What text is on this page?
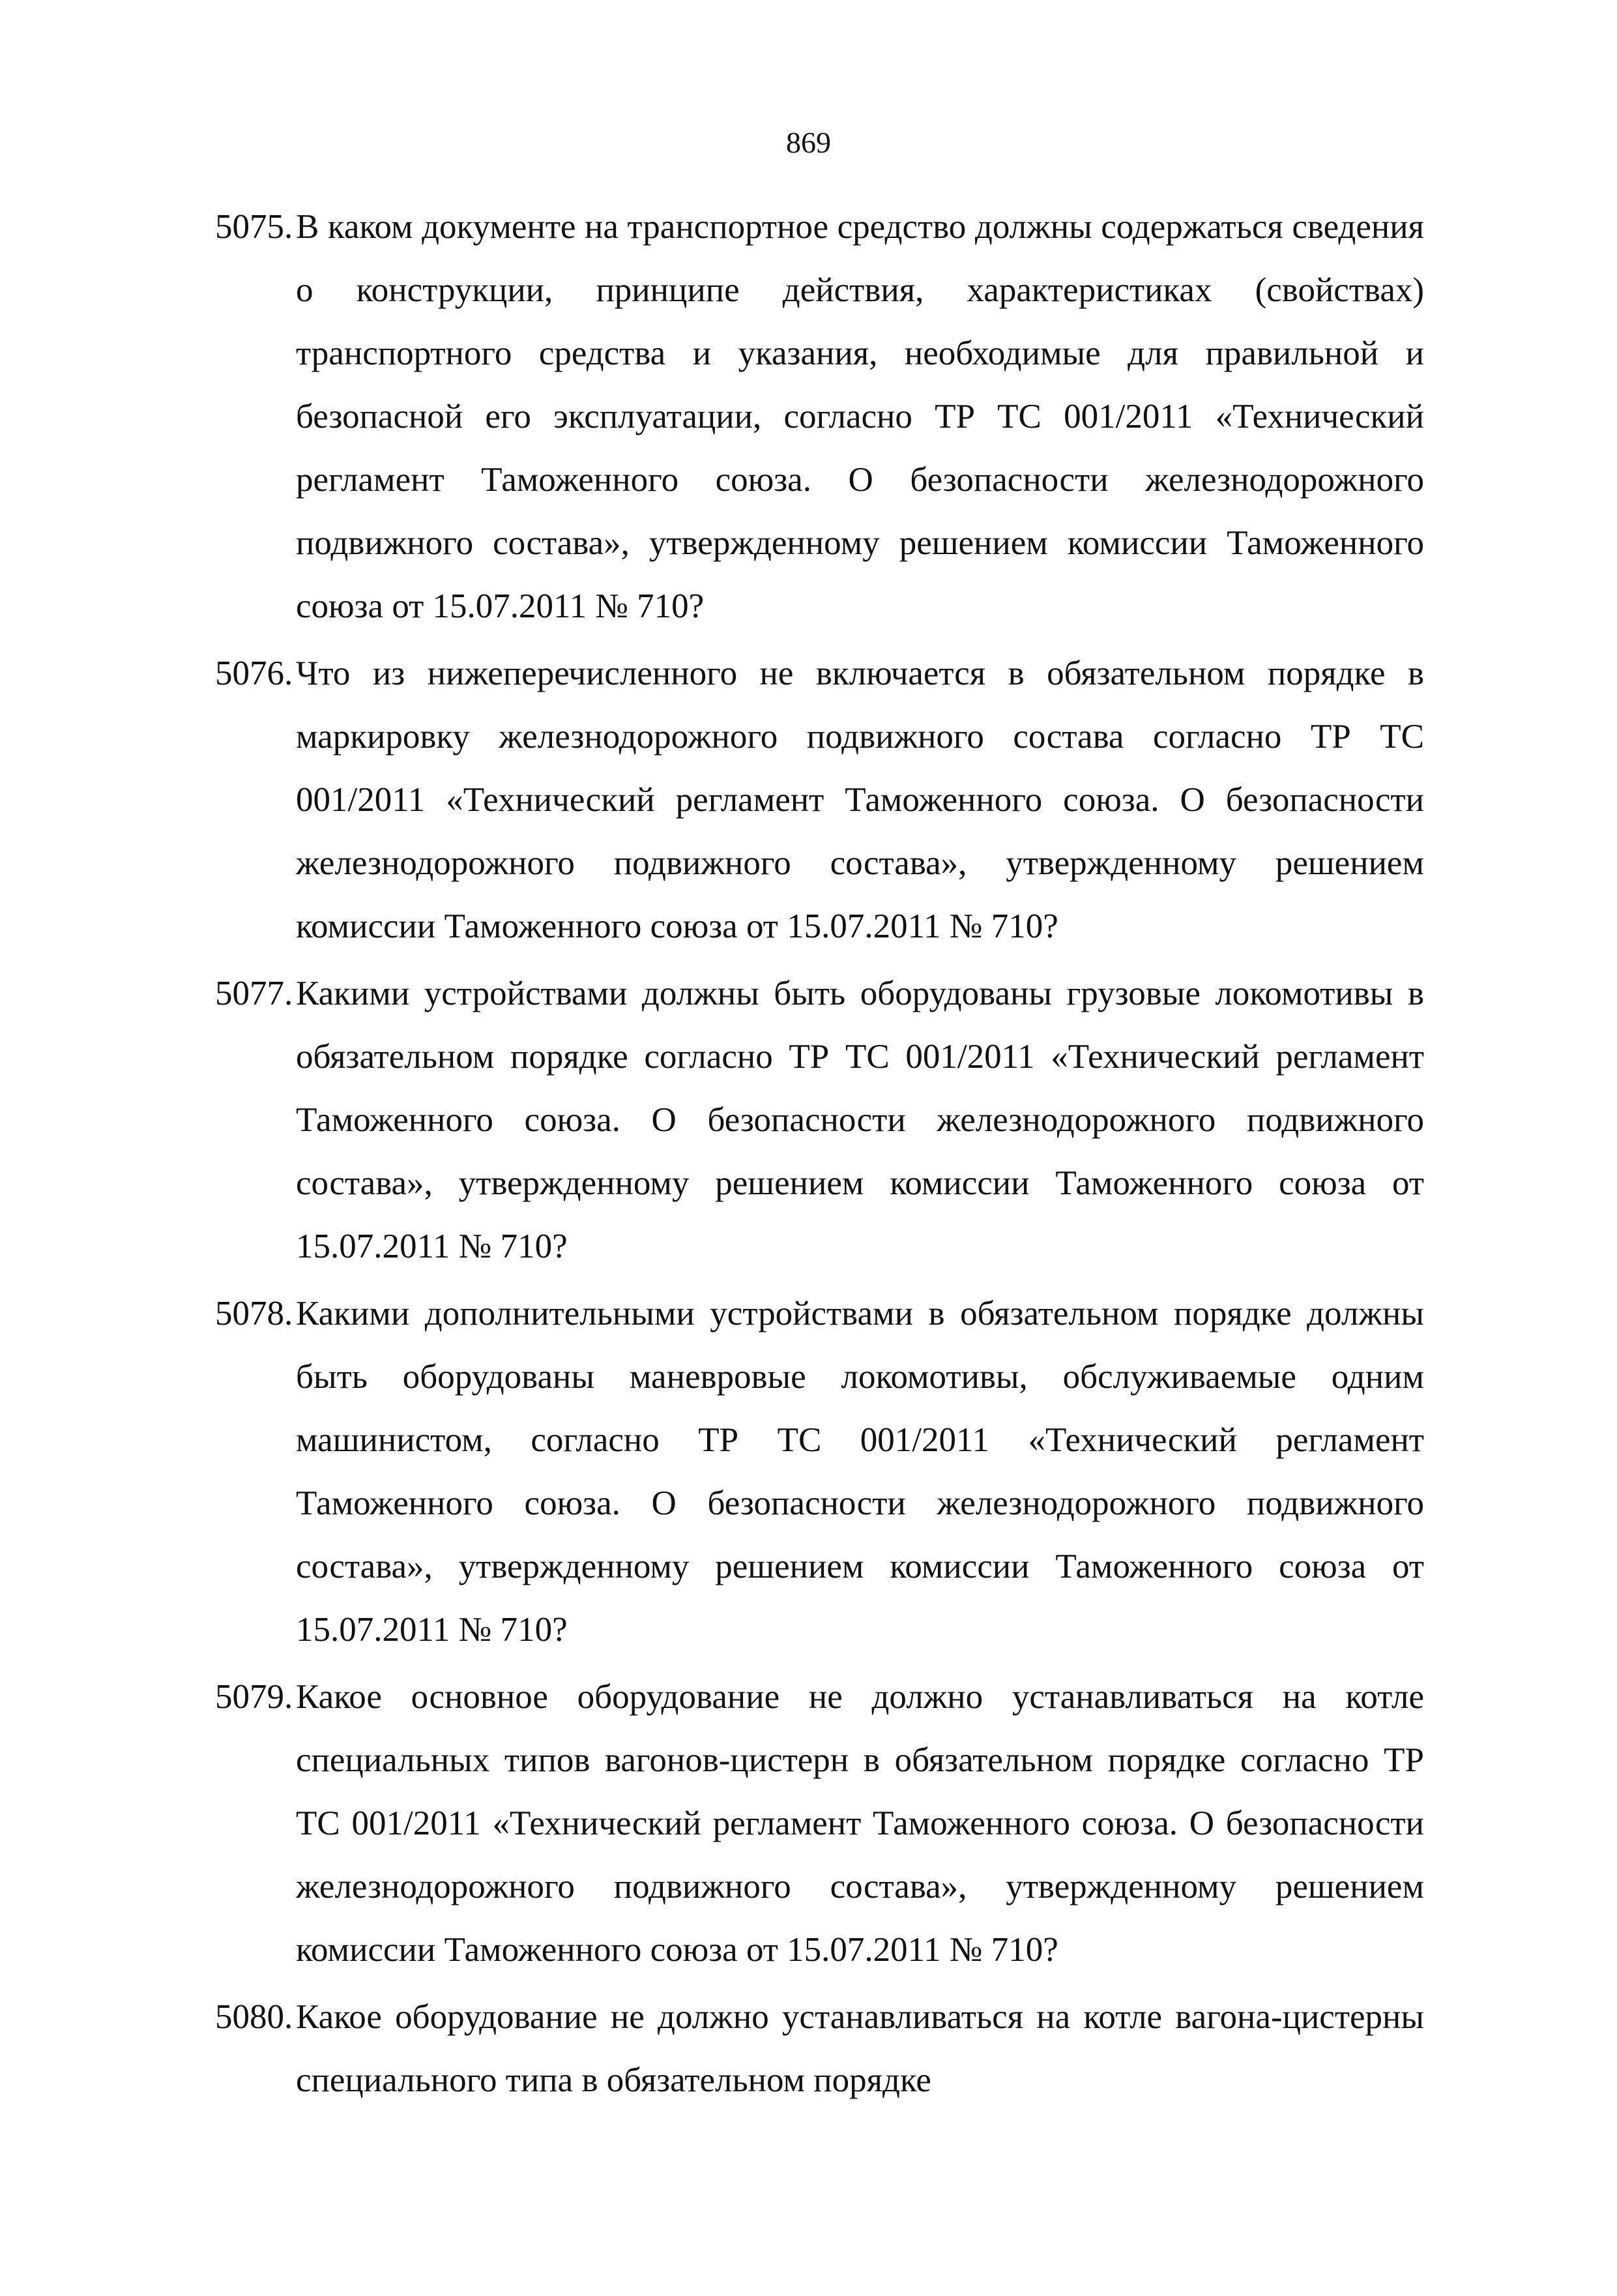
869
5075. В каком документе на транспортное средство должны содержаться сведения о конструкции, принципе действия, характеристиках (свойствах) транспортного средства и указания, необходимые для правильной и безопасной его эксплуатации, согласно ТР ТС 001/2011 «Технический регламент Таможенного союза. О безопасности железнодорожного подвижного состава», утвержденному решением комиссии Таможенного союза от 15.07.2011 № 710?
5076. Что из нижеперечисленного не включается в обязательном порядке в маркировку железнодорожного подвижного состава согласно ТР ТС 001/2011 «Технический регламент Таможенного союза. О безопасности железнодорожного подвижного состава», утвержденному решением комиссии Таможенного союза от 15.07.2011 № 710?
5077. Какими устройствами должны быть оборудованы грузовые локомотивы в обязательном порядке согласно ТР ТС 001/2011 «Технический регламент Таможенного союза. О безопасности железнодорожного подвижного состава», утвержденному решением комиссии Таможенного союза от 15.07.2011 № 710?
5078. Какими дополнительными устройствами в обязательном порядке должны быть оборудованы маневровые локомотивы, обслуживаемые одним машинистом, согласно ТР ТС 001/2011 «Технический регламент Таможенного союза. О безопасности железнодорожного подвижного состава», утвержденному решением комиссии Таможенного союза от 15.07.2011 № 710?
5079. Какое основное оборудование не должно устанавливаться на котле специальных типов вагонов-цистерн в обязательном порядке согласно ТР ТС 001/2011 «Технический регламент Таможенного союза. О безопасности железнодорожного подвижного состава», утвержденному решением комиссии Таможенного союза от 15.07.2011 № 710?
5080. Какое оборудование не должно устанавливаться на котле вагона-цистерны специального типа в обязательном порядке
